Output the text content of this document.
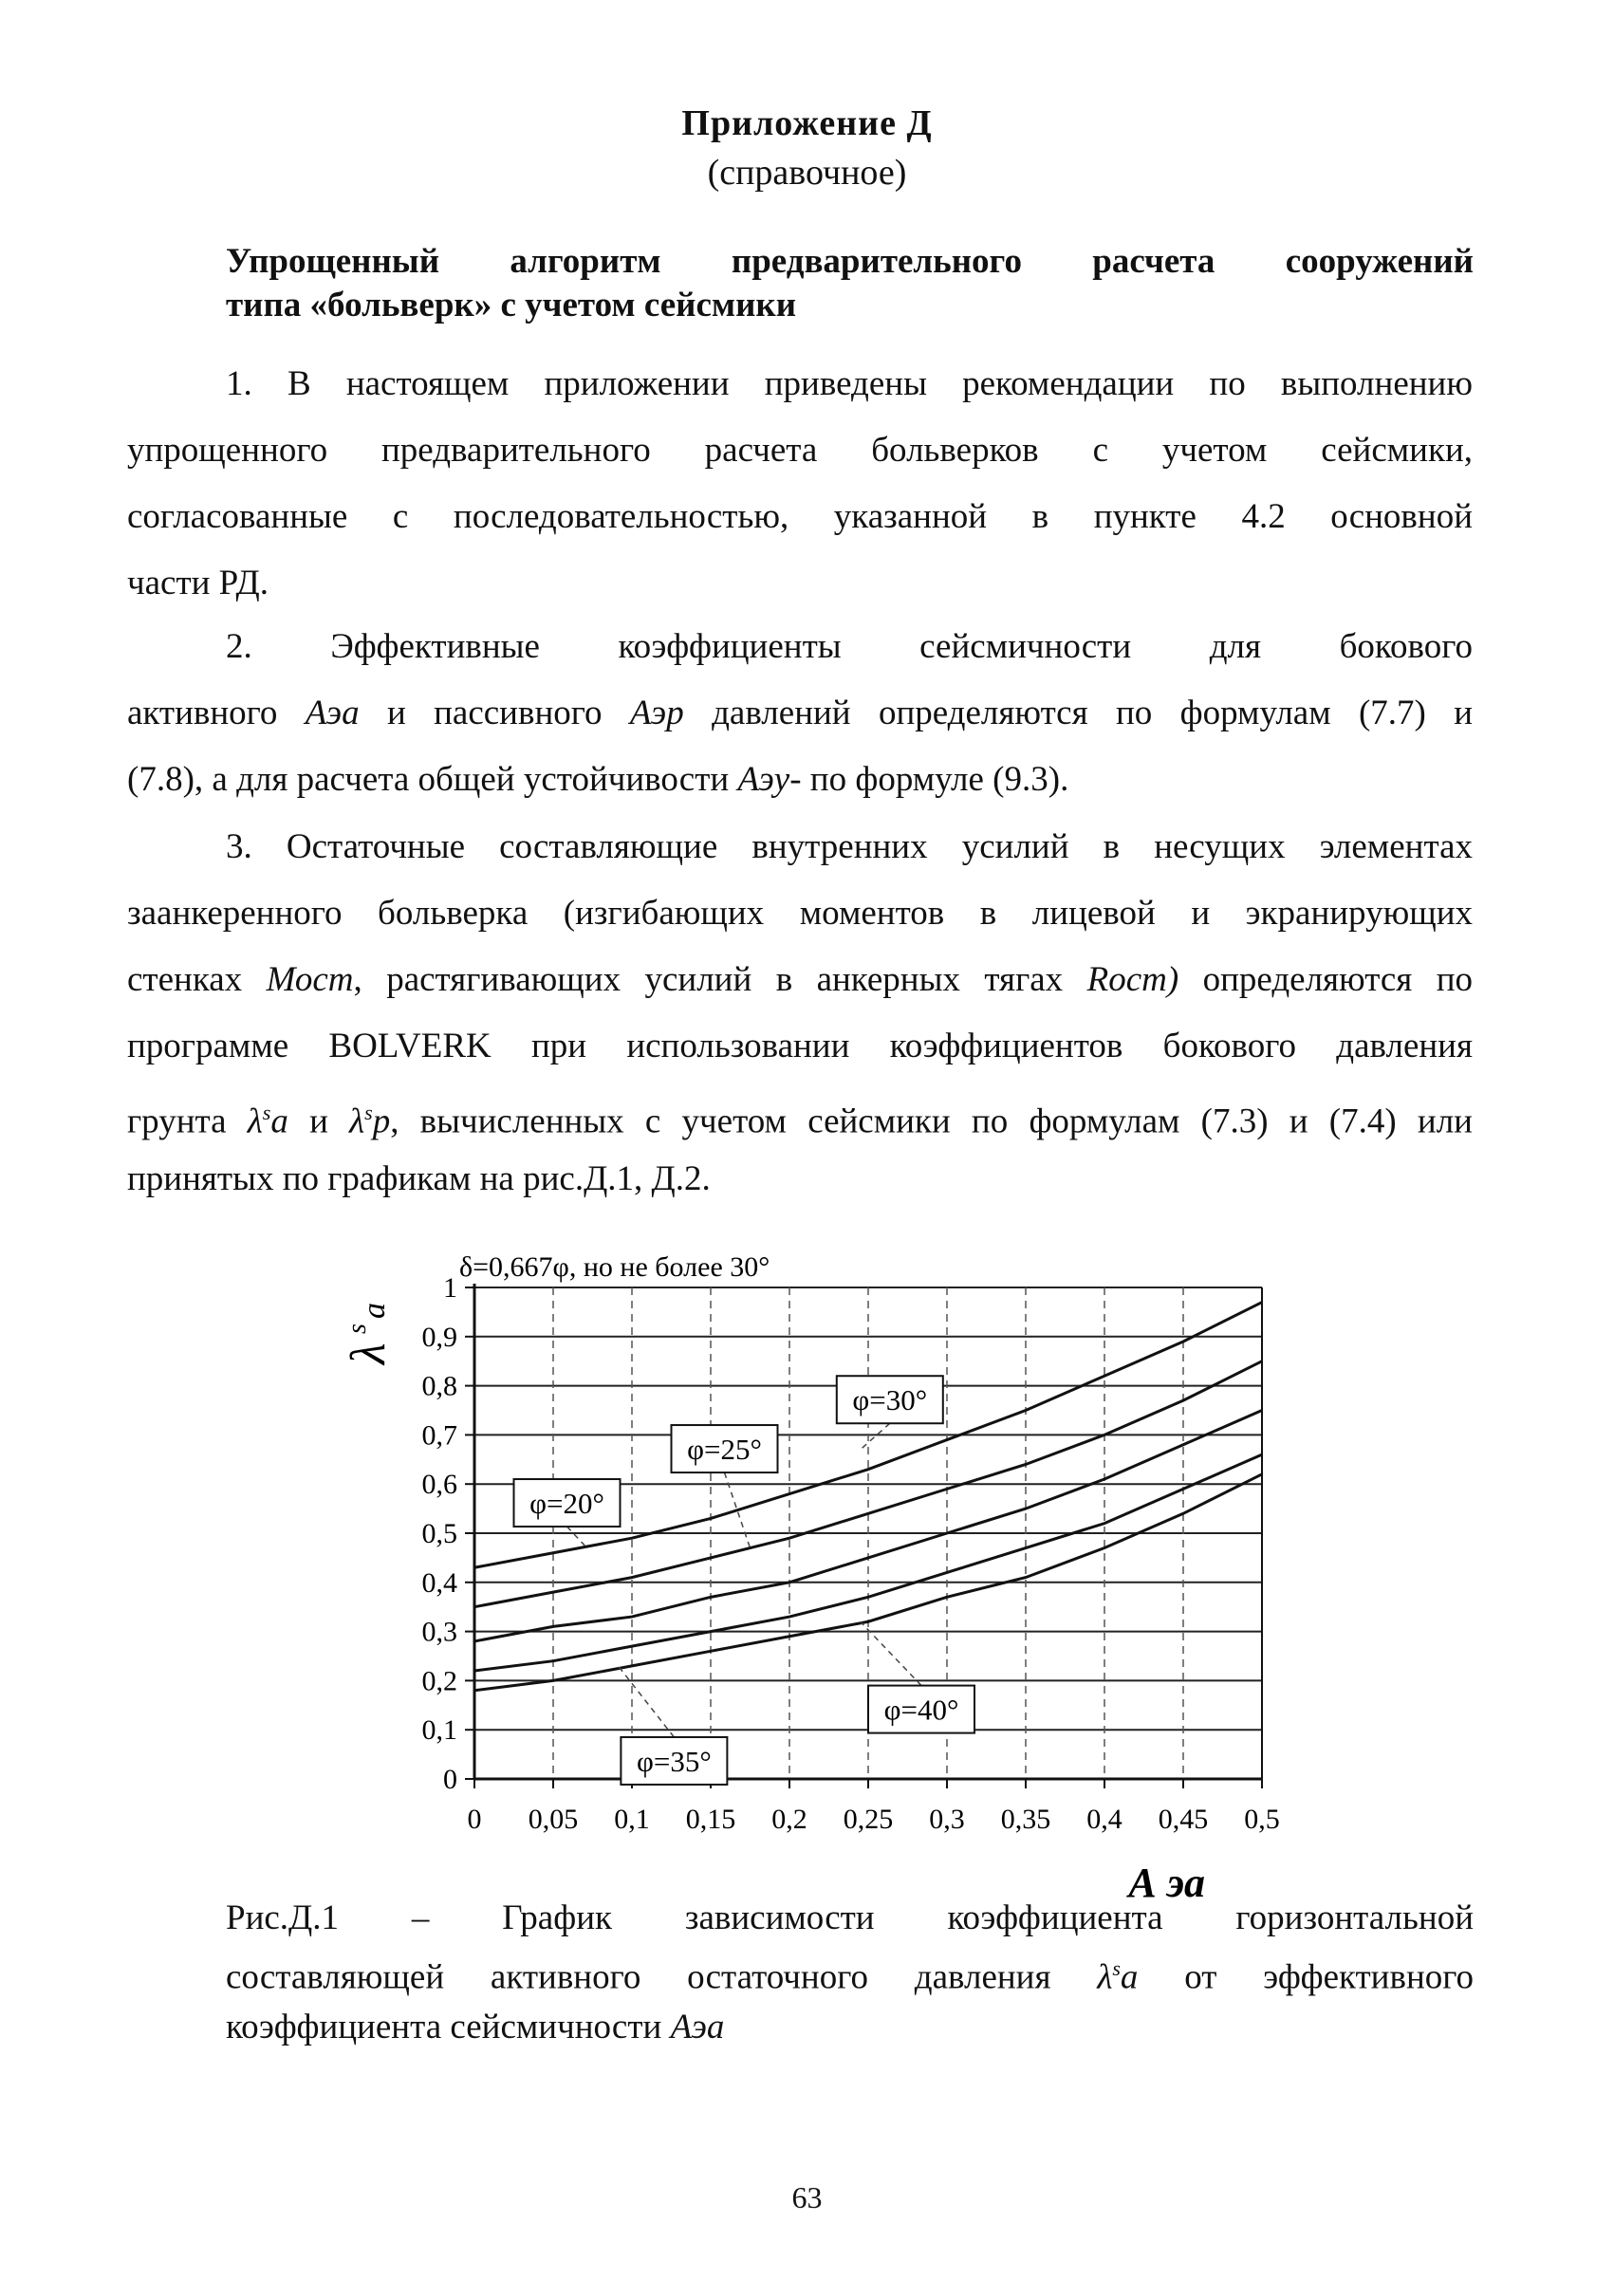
Приложение Д
(справочное)
Упрощенный алгоритм предварительного расчета сооружений
типа «больверк» с учетом сейсмики
1. В настоящем приложении приведены рекомендации по выполнению
упрощенного предварительного расчета больверков с учетом сейсмики,
согласованные с последовательностью, указанной в пункте 4.2 основной
части РД.
2. Эффективные коэффициенты сейсмичности для бокового
активного Аэа и пассивного Аэр давлений определяются по формулам (7.7) и
(7.8), а для расчета общей устойчивости Аэу- по формуле (9.3).
3. Остаточные составляющие внутренних усилий в несущих элементах
заанкеренного больверка (изгибающих моментов в лицевой и экранирующих
стенках Мост, растягивающих усилий в анкерных тягах Rост) определяются по
программе BOLVERK при использовании коэффициентов бокового давления
грунта $\lambda^sa$ и $\lambda^sp$, вычисленных с учетом сейсмики по формулам (7.3) и (7.4) или
принятых по графикам на рис.Д.1, Д.2.
0
0,1
0,2
0,3
0,4
0,5
0,6
0,7
0,8
0,9
1
0 0,05 0,1 0,15 0,2 0,25 0,3 0,35 0,4 0,45 0,5
φ=20°
φ=25°
φ=30°
φ=35°
φ=40°
δ=0,667φ, но не более 30°
λ
s
a
А эа
Рис.Д.1 – График зависимости коэффициента горизонтальной
составляющей активного остаточного давления $\lambda^sa$ от эффективного
коэффициента сейсмичности Аэа
63
